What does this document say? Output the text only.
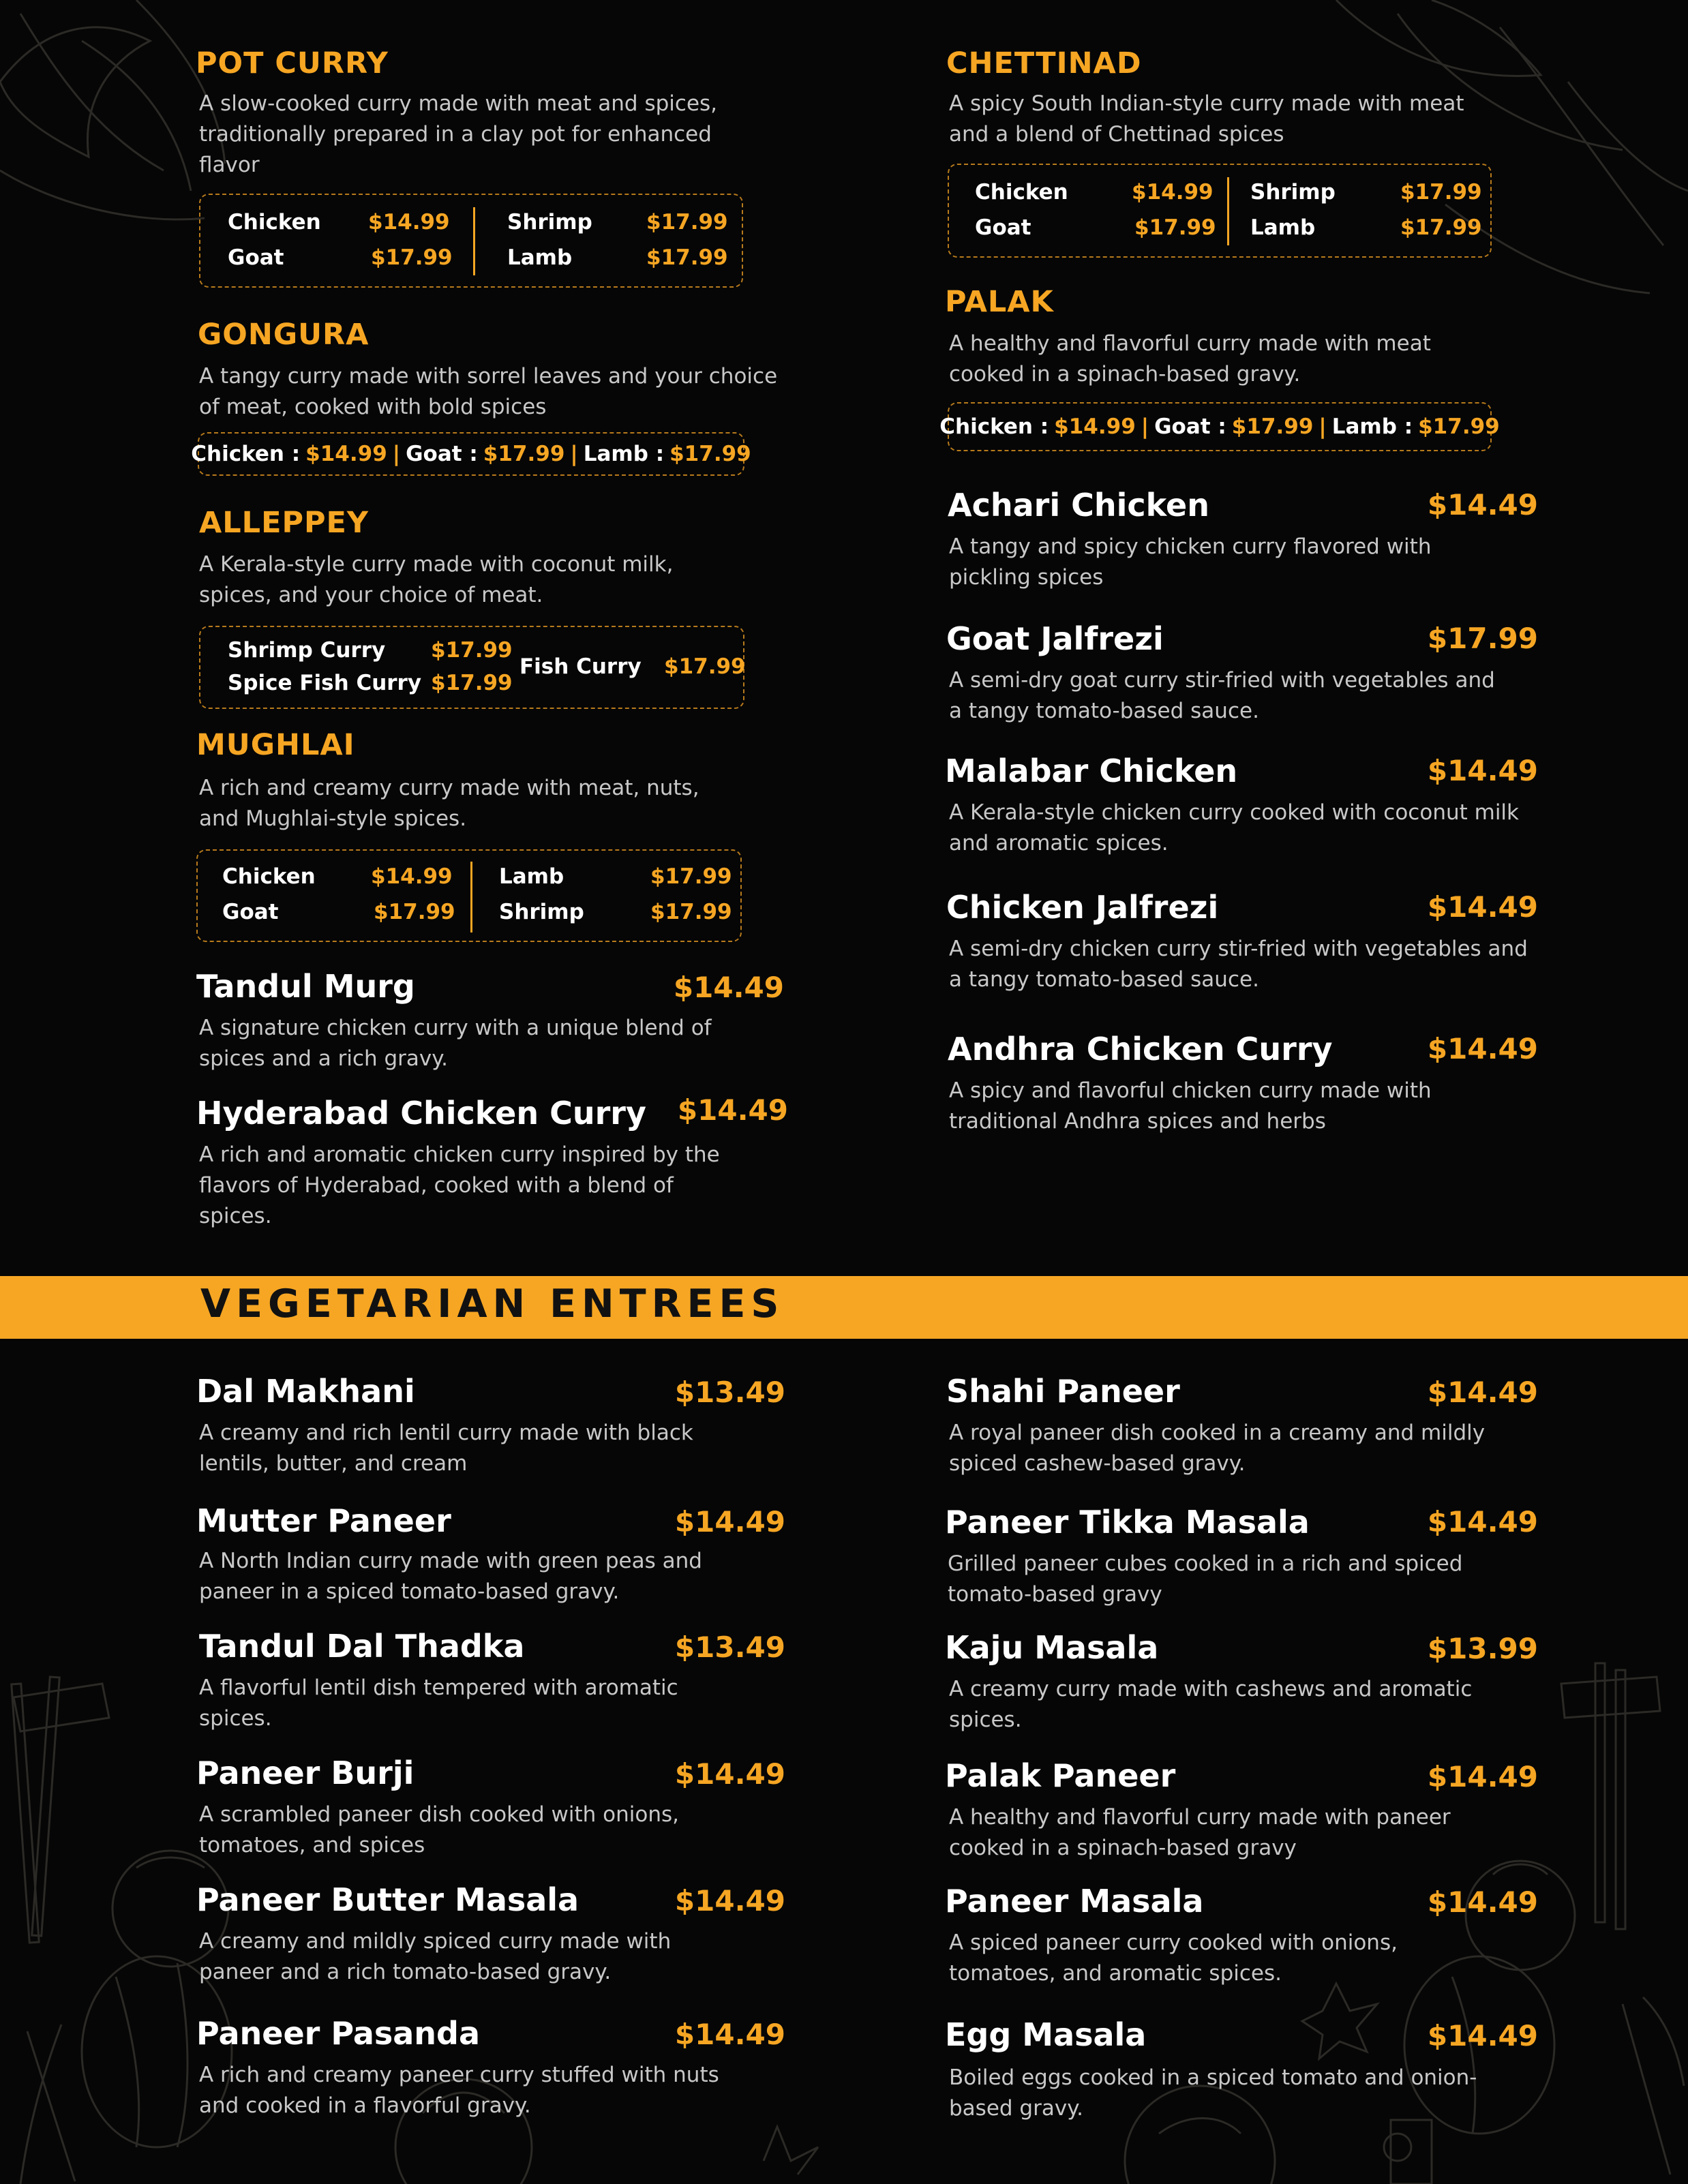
POT CURRY

A slow-cooked curry made with meat and spices, traditionally prepared in a clay pot for enhanced flavor

Chicken $14.99
Goat	$17.99
Shrimp	$17.99
Lamb	$17.99
GONGURA

A tangy curry made with sorrel leaves and your choice of meat, cooked with bold spices

Chicken : $14.99 | Goat : $17.99 | Lamb : $17.99
ALLEPPEY

A Kerala-style curry made with coconut milk, spices, and your choice of meat.

Shrimp Curry $17.99
Spice Fish Curry $17.99
Fish Curry $17.99
MUGHLAI

A rich and creamy curry made with meat, nuts, and Mughlai-style spices.

Chicken	$14.99
Goat	$17.99
Lamb	$17.99
Shrimp	$17.99
Tandul Murg	$14.49

A signature chicken curry with a unique blend of spices and a rich gravy.

Hyderabad Chicken Curry	$14.49

A rich and aromatic chicken curry inspired by the flavors of Hyderabad, cooked with a blend of spices.

CHETTINAD

A spicy South Indian-style curry made with meat and a blend of Chettinad spices

Chicken	$14.99
Goat	$17.99
Shrimp	$17.99
Lamb	$17.99
PALAK

A healthy and flavorful curry made with meat cooked in a spinach-based gravy.

Chicken : $14.99 | Goat : $17.99 | Lamb : $17.99
Achari Chicken	$14.49

A tangy and spicy chicken curry flavored with pickling spices

Goat Jalfrezi	$17.99

A semi-dry goat curry stir-fried with vegetables and a tangy tomato-based sauce.

Malabar Chicken	$14.49

A Kerala-style chicken curry cooked with coconut milk and aromatic spices.

Chicken Jalfrezi	$14.49

A semi-dry chicken curry stir-fried with vegetables and a tangy tomato-based sauce.

Andhra Chicken Curry	$14.49

A spicy and flavorful chicken curry made with traditional Andhra spices and herbs

VEGETARIAN ENTREES
Dal Makhani	$13.49

A creamy and rich lentil curry made with black lentils, butter, and cream

Mutter Paneer	$14.49

A North Indian curry made with green peas and paneer in a spiced tomato-based gravy.

Tandul Dal Thadka	$13.49

A flavorful lentil dish tempered with aromatic spices.

Paneer Burji	$14.49

A scrambled paneer dish cooked with onions, tomatoes, and spices

Paneer Butter Masala	$14.49

A creamy and mildly spiced curry made with paneer and a rich tomato-based gravy.

Paneer Pasanda	$14.49

A rich and creamy paneer curry stuffed with nuts and cooked in a flavorful gravy.

Shahi Paneer	$14.49

A royal paneer dish cooked in a creamy and mildly spiced cashew-based gravy.

Paneer Tikka Masala	$14.49

Grilled paneer cubes cooked in a rich and spiced tomato-based gravy

Kaju Masala	$13.99

A creamy curry made with cashews and aromatic spices.

Palak Paneer	$14.49

A healthy and flavorful curry made with paneer cooked in a spinach-based gravy

Paneer Masala	$14.49

A spiced paneer curry cooked with onions, tomatoes, and aromatic spices.

Egg Masala	$14.49

Boiled eggs cooked in a spiced tomato and onion-based gravy.
